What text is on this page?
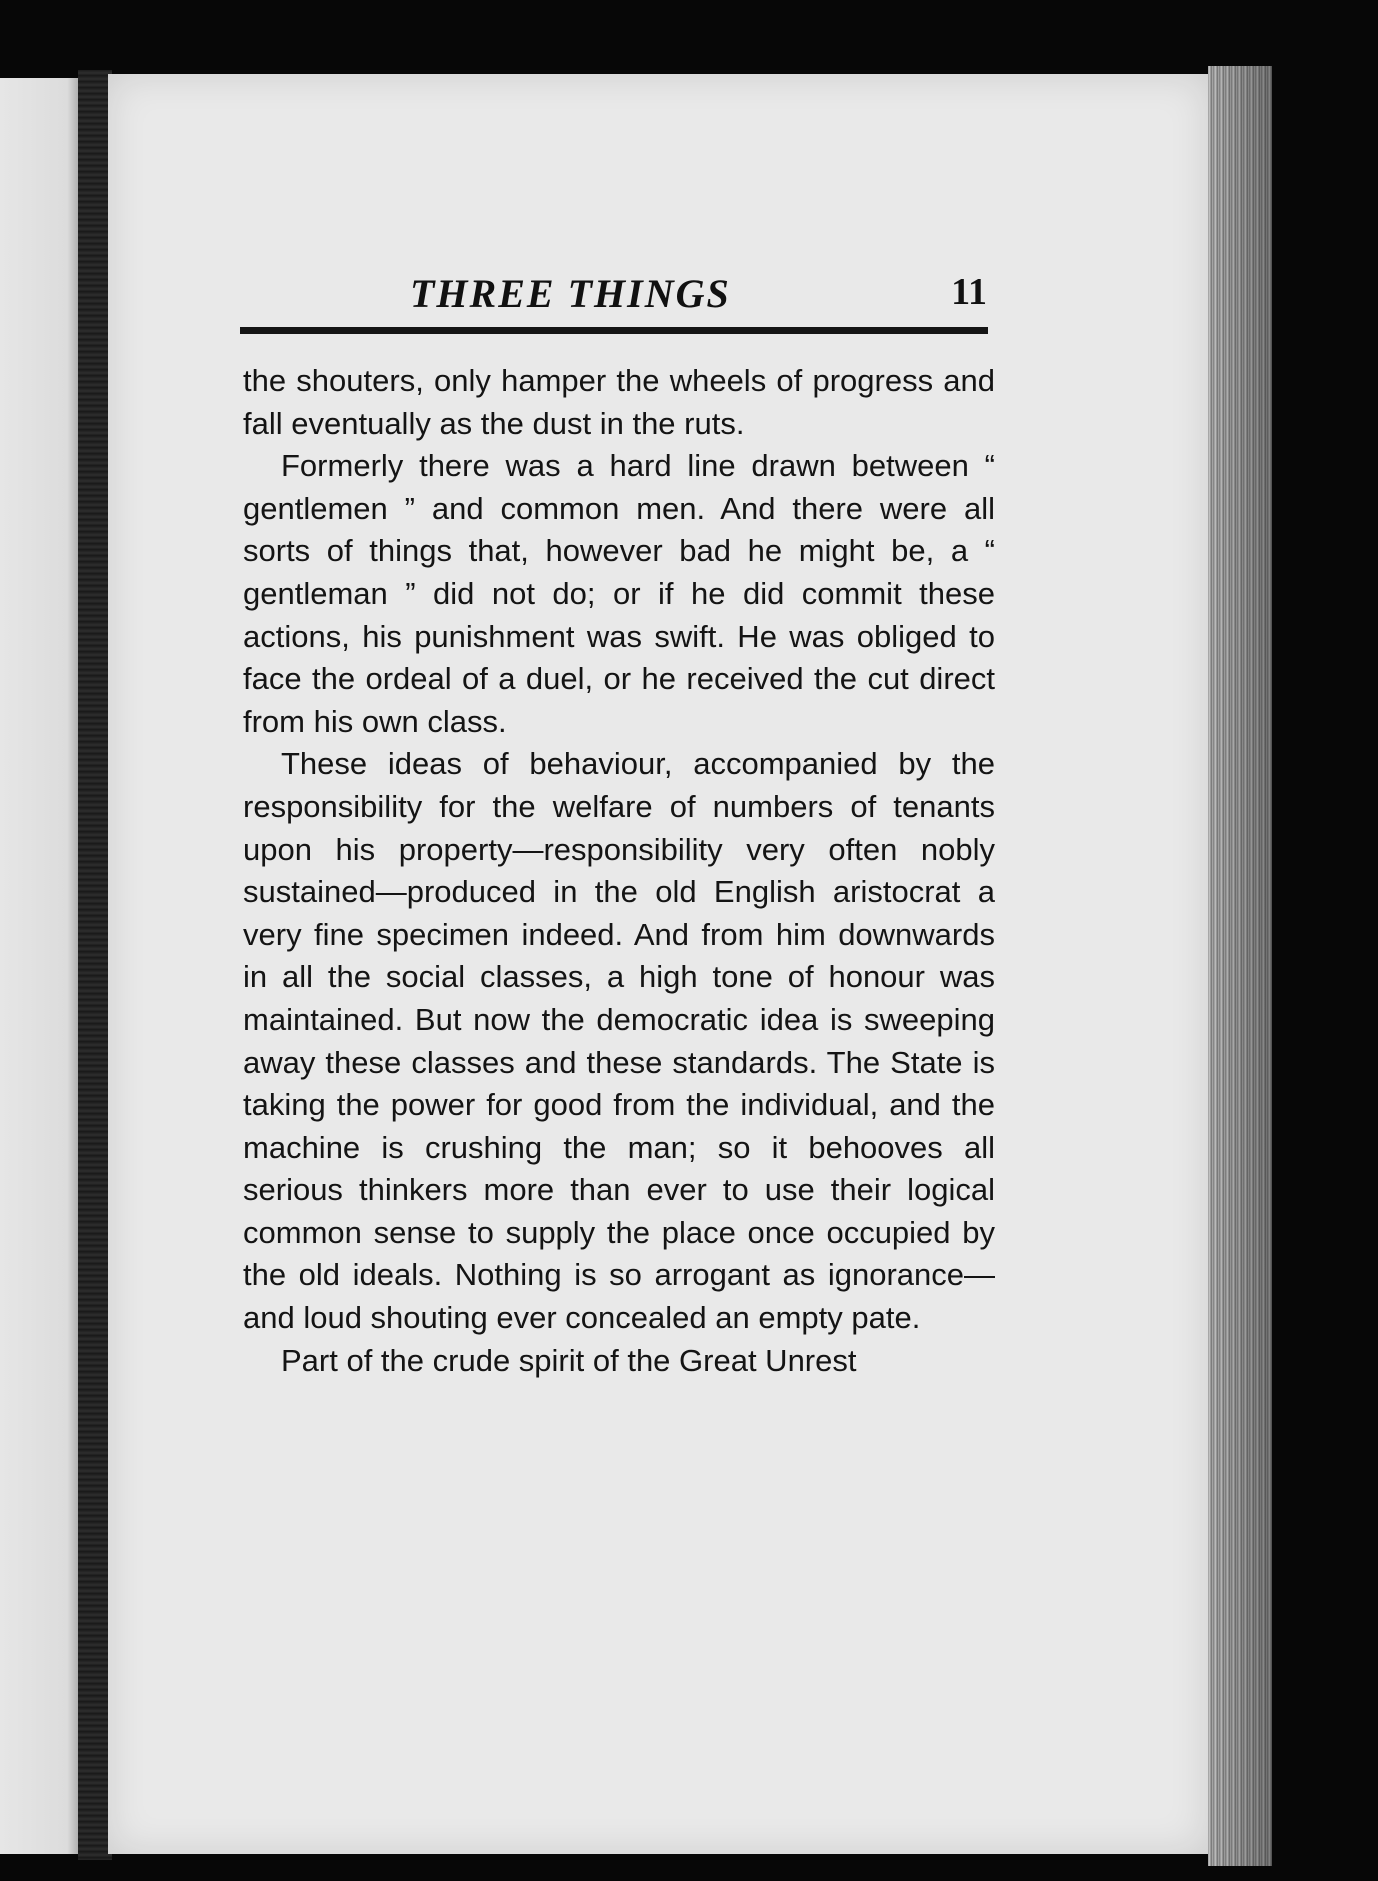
THREE THINGS	11

the shouters, only hamper the wheels of progress and fall eventually as the dust in the ruts.

Formerly there was a hard line drawn between “ gentlemen ” and common men. And there were all sorts of things that, however bad he might be, a “ gentleman ” did not do; or if he did commit these actions, his punishment was swift. He was obliged to face the ordeal of a duel, or he received the cut direct from his own class.

These ideas of behaviour, accompanied by the responsibility for the welfare of numbers of tenants upon his property—responsibility very often nobly sustained—produced in the old English aristocrat a very fine specimen indeed. And from him downwards in all the social classes, a high tone of honour was maintained. But now the democratic idea is sweeping away these classes and these standards. The State is taking the power for good from the individual, and the machine is crushing the man; so it behooves all serious thinkers more than ever to use their logical common sense to supply the place once occupied by the old ideals. Nothing is so arrogant as ignorance—and loud shouting ever concealed an empty pate.

Part of the crude spirit of the Great Unrest
